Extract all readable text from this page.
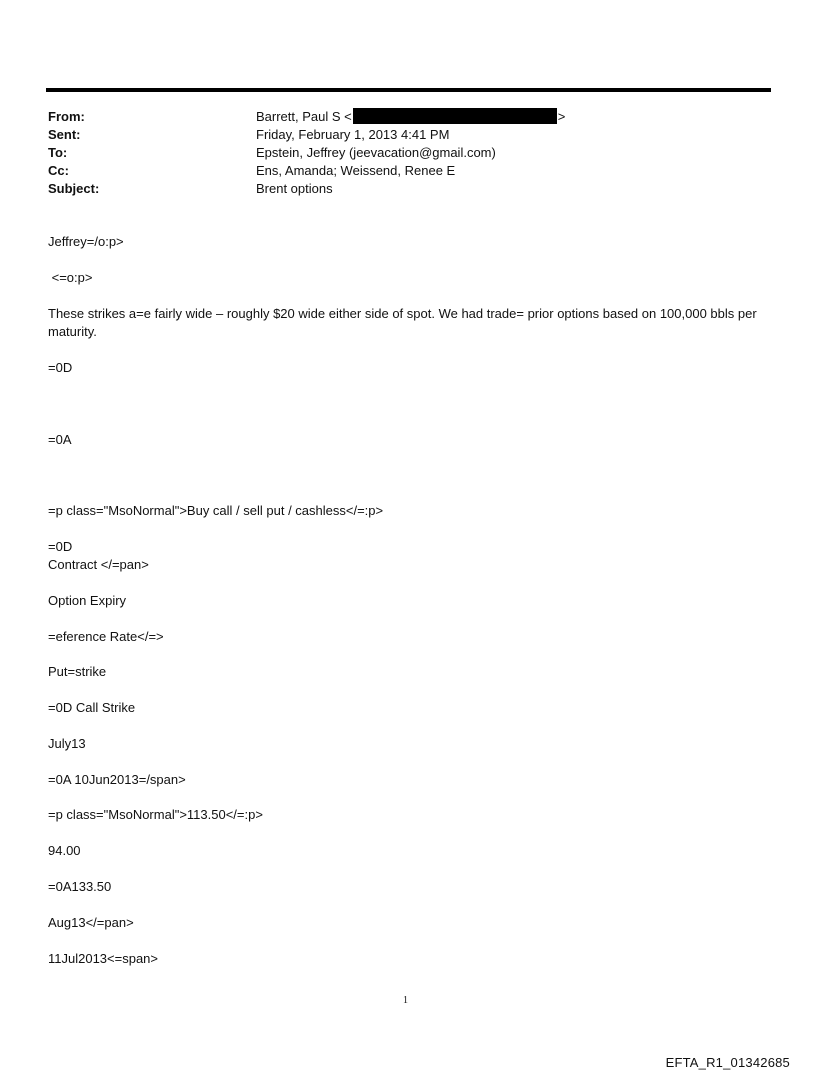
From:	Barrett, Paul S <	>
Sent:	Friday, February 1, 2013 4:41 PM
To:	Epstein, Jeffrey (jeevacation@gmail.com)
Cc:	Ens, Amanda; Weissend, Renee E
Subject:	Brent options
Jeffrey=/o:p>
<=o:p>
These strikes a=e fairly wide – roughly $20 wide either side of spot. We had trade= prior options based on 100,000 bbls per maturity.
=0D
=0A
=p class="MsoNormal">Buy call / sell put / cashless</=:p>
=0D
Contract </=pan>
Option Expiry
=eference Rate</=>
Put=strike
=0D Call Strike
July13
=0A 10Jun2013=/span>
=p class="MsoNormal">113.50</=:p>
94.00
=0A133.50
Aug13</=pan>
11Jul2013<=span>
1
EFTA_R1_01342685
